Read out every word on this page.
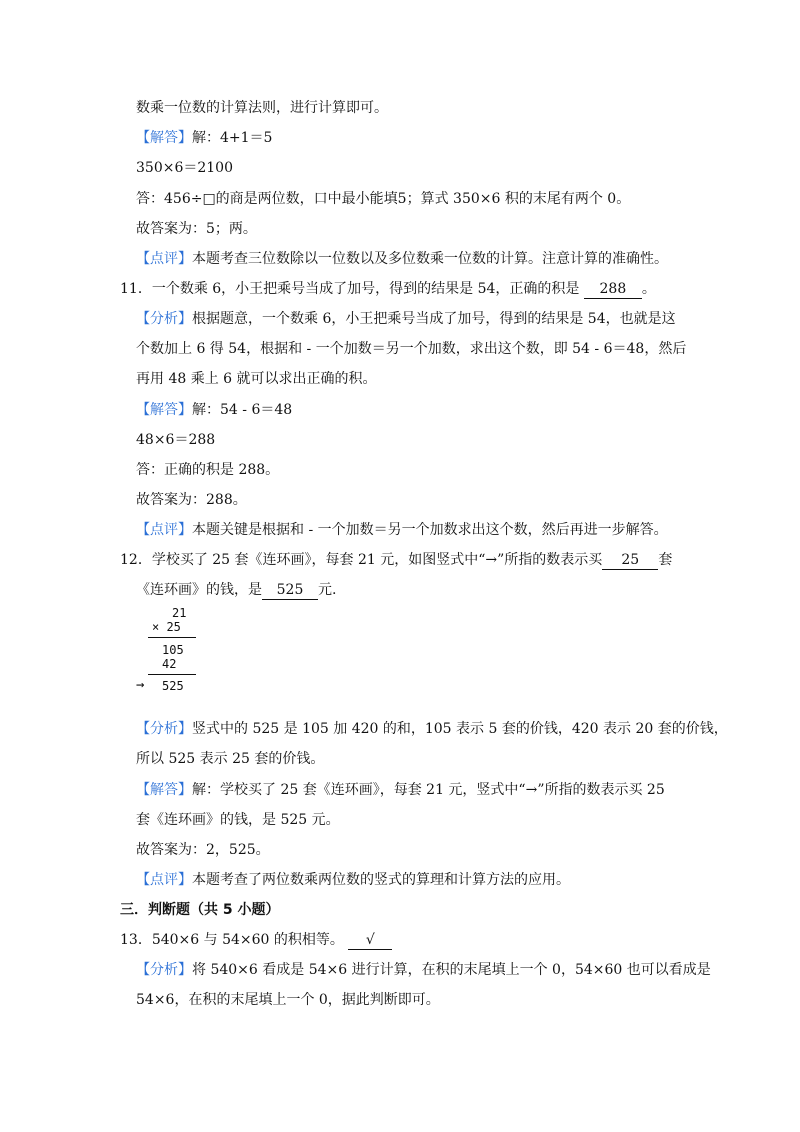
数乘一位数的计算法则，进行计算即可。
【解答】解：4+1＝5
350×6＝2100
答：456÷□的商是两位数，口中最小能填5；算式 350×6 积的末尾有两个 0。
故答案为：5；两。
【点评】本题考查三位数除以一位数以及多位数乘一位数的计算。注意计算的准确性。
11．一个数乘 6，小王把乘号当成了加号，得到的结果是 54，正确的积是 288 。
【分析】根据题意，一个数乘 6，小王把乘号当成了加号，得到的结果是 54，也就是这
个数加上 6 得 54，根据和 - 一个加数＝另一个加数，求出这个数，即 54 - 6＝48，然后
再用 48 乘上 6 就可以求出正确的积。
【解答】解：54 - 6＝48
48×6＝288
答：正确的积是 288。
故答案为：288。
【点评】本题关键是根据和 - 一个加数＝另一个加数求出这个数，然后再进一步解答。
12．学校买了 25 套《连环画》，每套 21 元，如图竖式中“→”所指的数表示买 25 套
《连环画》的钱，是 525 元.
21
× 25
105
42
→ 525
【分析】竖式中的 525 是 105 加 420 的和，105 表示 5 套的价钱，420 表示 20 套的价钱，
所以 525 表示 25 套的价钱。
【解答】解：学校买了 25 套《连环画》，每套 21 元，竖式中“→”所指的数表示买 25
套《连环画》的钱，是 525 元。
故答案为：2，525。
【点评】本题考查了两位数乘两位数的竖式的算理和计算方法的应用。
三．判断题（共 5 小题）
13．540×6 与 54×60 的积相等。 √
【分析】将 540×6 看成是 54×6 进行计算，在积的末尾填上一个 0，54×60 也可以看成是
54×6，在积的末尾填上一个 0，据此判断即可。
